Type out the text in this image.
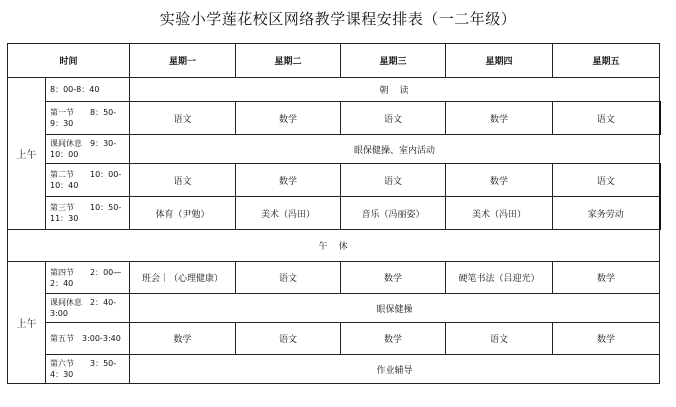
实验小学莲花校区网络教学课程安排表（一二年级）
时间		星期一	星期二	星期三	星期四	星期五
上午	8：00-8：40	朝　读				
	第一节　　8：50-9：30	语文	数学	语文	数学	语文
	课间休息　9：30-10：00	眼保健操、室内活动				
	第二节　　10：00-10：40	语文	数学	语文	数学	语文
	第三节　　10：50-11：30	体育（尹勉）	美术（冯田）	音乐（冯丽姿）	美术（冯田）	家务劳动
午　休						
上午	第四节　　2：00—2：40	班会｜（心理健康）	语文	数学	硬笔书法（吕迎光）	数学
	课间休息　2：40-3:00	眼保健操				
	第五节　3:00-3:40	数学	语文	数学	语文	数学
	第六节　　3：50-4：30	作业辅导				
